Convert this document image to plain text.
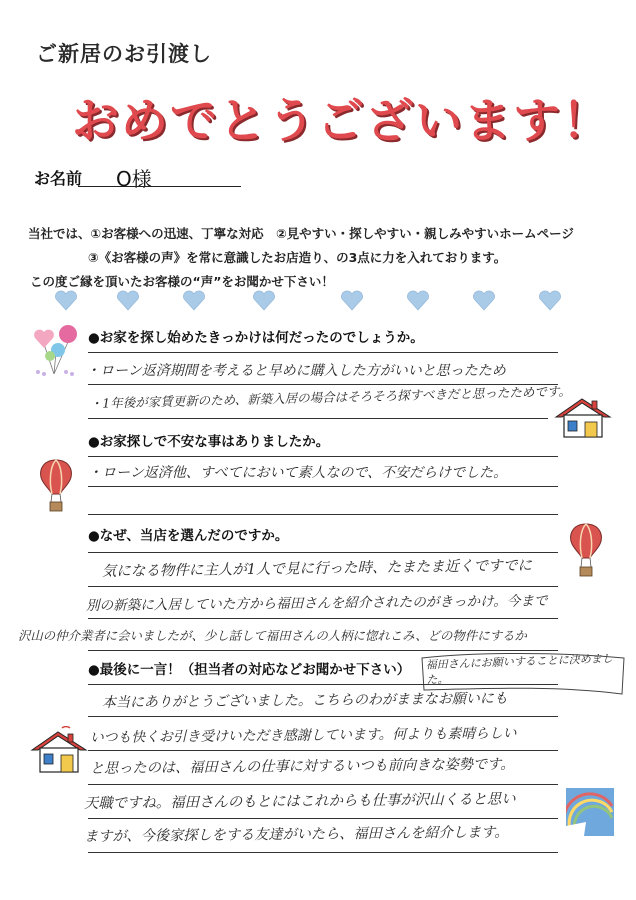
ご新居のお引渡し
おめでとうございます！
お名前 O様
当社では、①お客様への迅速、丁寧な対応　②見やすい・探しやすい・親しみやすいホームページ
③《お客様の声》を常に意識したお店造り、の3点に力を入れております。
この度ご縁を頂いたお客様の“声”をお聞かせ下さい！
●お家を探し始めたきっかけは何だったのでしょうか。
・ローン返済期間を考えると早めに購入した方がいいと思ったため
・1年後が家賃更新のため、新築入居の場合はそろそろ探すべきだと思ったためです。
●お家探しで不安な事はありましたか。
・ローン返済他、すべてにおいて素人なので、不安だらけでした。
●なぜ、当店を選んだのですか。
気になる物件に主人が1人で見に行った時、たまたま近くですでに
別の新築に入居していた方から福田さんを紹介されたのがきっかけ。今まで
沢山の仲介業者に会いましたが、少し話して福田さんの人柄に惚れこみ、どの物件にするか
●最後に一言！（担当者の対応などお聞かせ下さい） 福田さんにお願いすることに決めました。
本当にありがとうございました。こちらのわがままなお願いにも
いつも快くお引き受けいただき感謝しています。何よりも素晴らしい
と思ったのは、福田さんの仕事に対するいつも前向きな姿勢です。
天職ですね。福田さんのもとにはこれからも仕事が沢山くると思い
ますが、今後家探しをする友達がいたら、福田さんを紹介します。
